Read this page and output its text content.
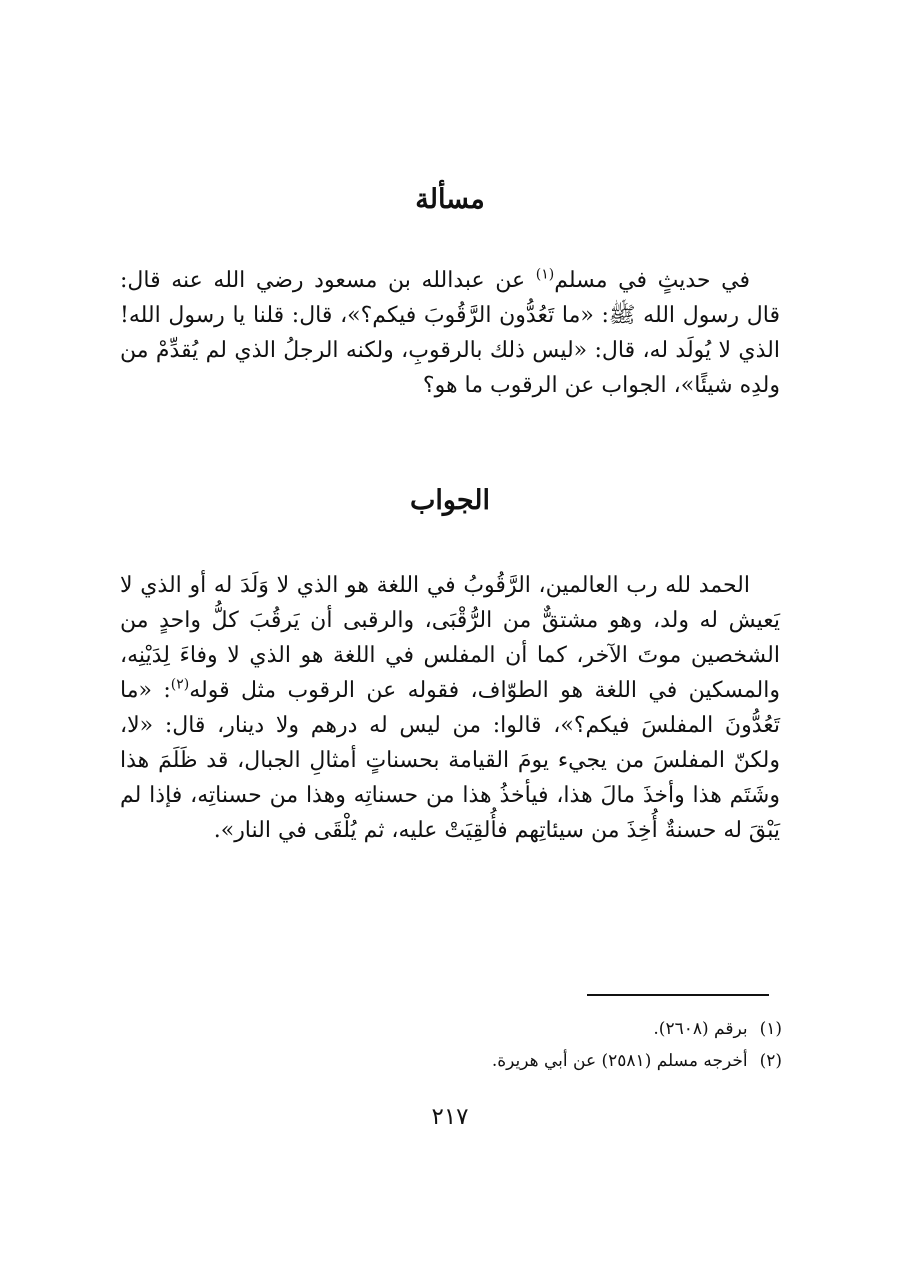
مسألة

في حديثٍ في مسلم$^{(١)}$ عن عبدالله بن مسعود رضي الله عنه قال: قال رسول الله ﷺ: «ما تَعُدُّون الرَّقُوبَ فيكم؟»، قال: قلنا يا رسول الله! الذي لا يُولَد له، قال: «ليس ذلك بالرقوبِ، ولكنه الرجلُ الذي لم يُقدِّمْ من ولدِه شيئًا»، الجواب عن الرقوب ما هو؟

الجواب

الحمد لله رب العالمين، الرَّقُوبُ في اللغة هو الذي لا وَلَدَ له أو الذي لا يَعيش له ولد، وهو مشتقٌّ من الرُّقْبَى، والرقبى أن يَرقُبَ كلُّ واحدٍ من الشخصين موتَ الآخر، كما أن المفلس في اللغة هو الذي لا وفاءَ لِدَيْنِه، والمسكين في اللغة هو الطوّاف، فقوله عن الرقوب مثل قوله$^{(٢)}$: «ما تَعُدُّونَ المفلسَ فيكم؟»، قالوا: من ليس له درهم ولا دينار، قال: «لا، ولكنّ المفلسَ من يجيء يومَ القيامة بحسناتٍ أمثالِ الجبال، قد ظَلَمَ هذا وشَتَم هذا وأخذَ مالَ هذا، فيأخذُ هذا من حسناتِه وهذا من حسناتِه، فإذا لم يَبْقَ له حسنةٌ أُخِذَ من سيئاتِهم فأُلقِيَتْ عليه، ثم يُلْقَى في النار».

(١)برقم (٢٦٠٨).
(٢)أخرجه مسلم (٢٥٨١) عن أبي هريرة.

٢١٧
